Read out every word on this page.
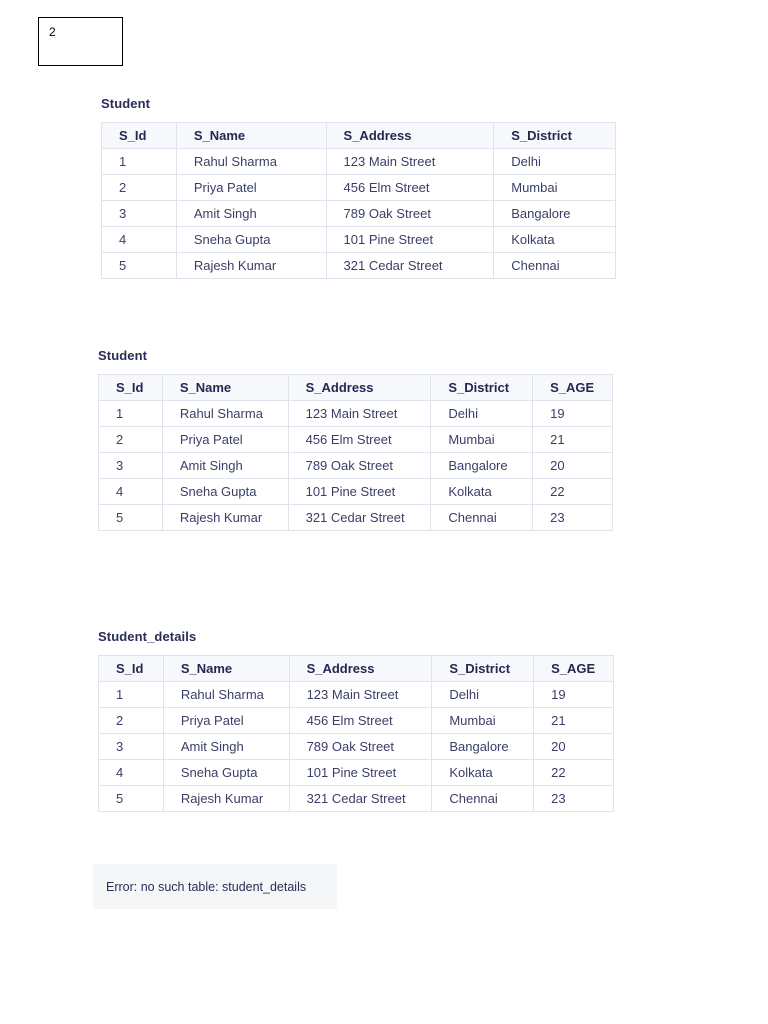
2
Student
S_Id	S_Name	S_Address	S_District
1	Rahul Sharma	123 Main Street	Delhi
2	Priya Patel	456 Elm Street	Mumbai
3	Amit Singh	789 Oak Street	Bangalore
4	Sneha Gupta	101 Pine Street	Kolkata
5	Rajesh Kumar	321 Cedar Street	Chennai
Student
S_Id	S_Name	S_Address	S_District	S_AGE
1	Rahul Sharma	123 Main Street	Delhi	19
2	Priya Patel	456 Elm Street	Mumbai	21
3	Amit Singh	789 Oak Street	Bangalore	20
4	Sneha Gupta	101 Pine Street	Kolkata	22
5	Rajesh Kumar	321 Cedar Street	Chennai	23
Student_details
S_Id	S_Name	S_Address	S_District	S_AGE
1	Rahul Sharma	123 Main Street	Delhi	19
2	Priya Patel	456 Elm Street	Mumbai	21
3	Amit Singh	789 Oak Street	Bangalore	20
4	Sneha Gupta	101 Pine Street	Kolkata	22
5	Rajesh Kumar	321 Cedar Street	Chennai	23
Error: no such table: student_details
